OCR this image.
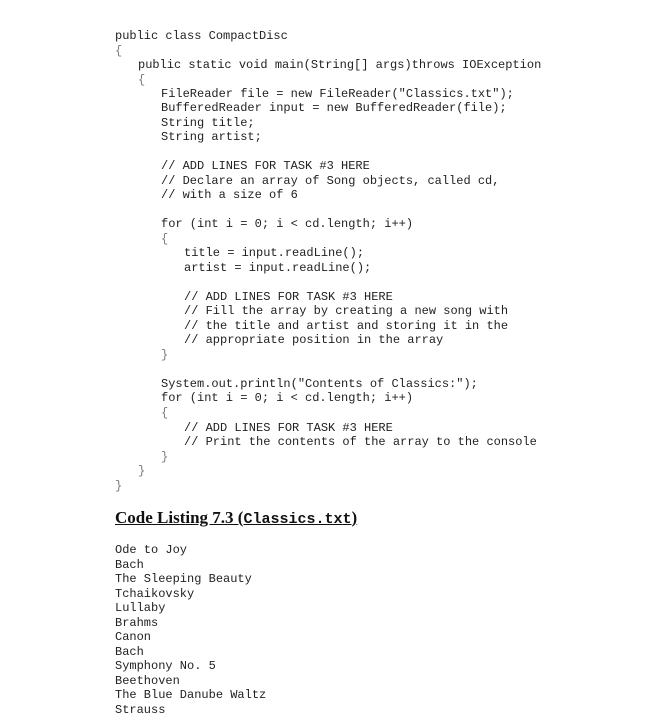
public class CompactDisc
{
public static void main(String[] args)throws IOException
{
FileReader file = new FileReader("Classics.txt");
BufferedReader input = new BufferedReader(file);
String title;
String artist;
// ADD LINES FOR TASK #3 HERE
// Declare an array of Song objects, called cd,
// with a size of 6
for (int i = 0; i < cd.length; i++)
{
title = input.readLine();
artist = input.readLine();
// ADD LINES FOR TASK #3 HERE
// Fill the array by creating a new song with
// the title and artist and storing it in the
// appropriate position in the array
}
System.out.println("Contents of Classics:");
for (int i = 0; i < cd.length; i++)
{
// ADD LINES FOR TASK #3 HERE
// Print the contents of the array to the console
}
}
}
Code Listing 7.3 (Classics.txt)
Ode to Joy
Bach
The Sleeping Beauty
Tchaikovsky
Lullaby
Brahms
Canon
Bach
Symphony No. 5
Beethoven
The Blue Danube Waltz
Strauss
